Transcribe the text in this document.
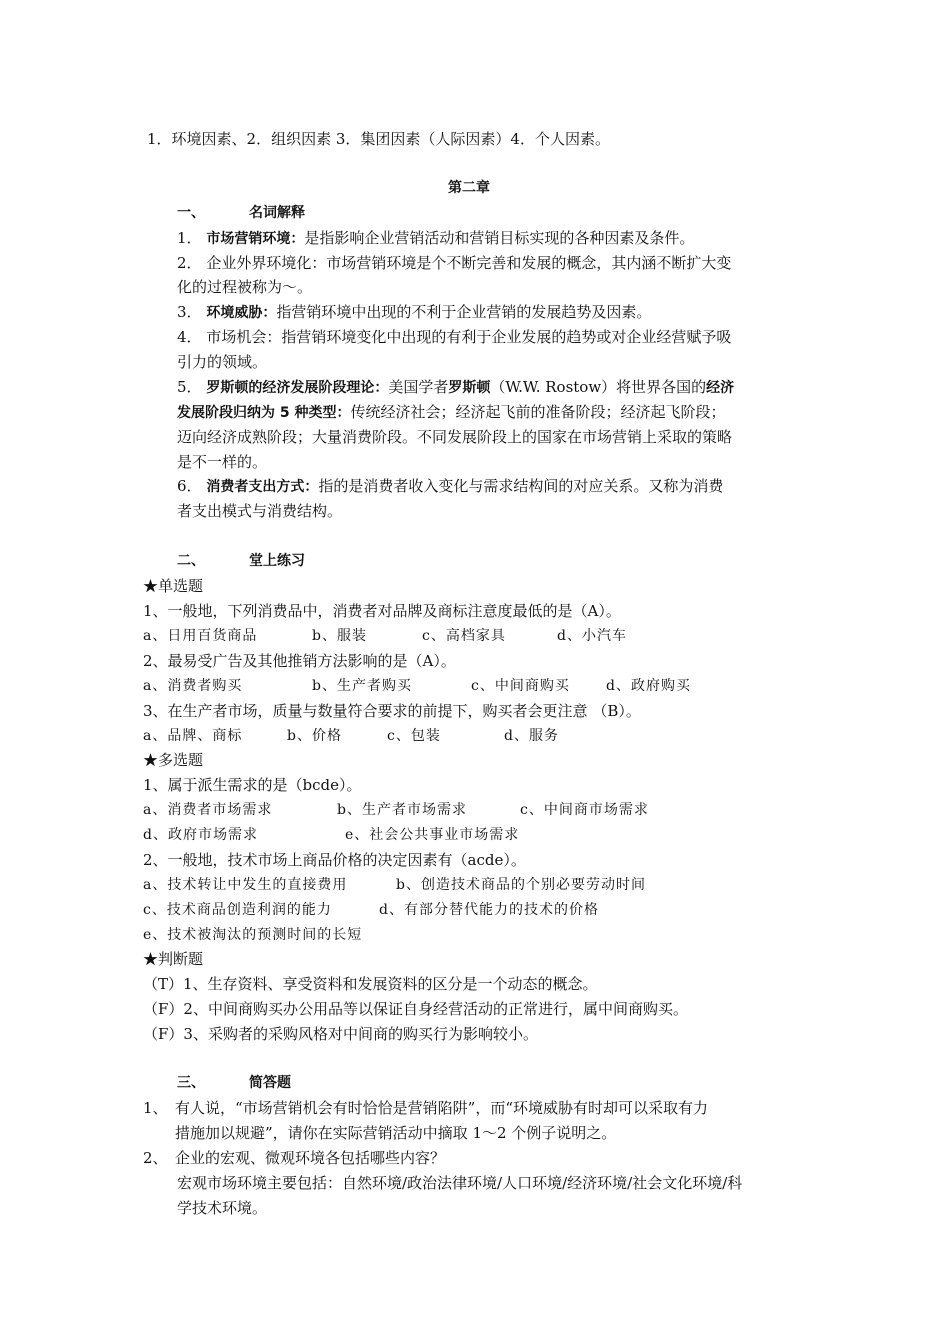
1．环境因素、2．组织因素 3．集团因素（人际因素）4．个人因素。
第二章
一、	名词解释
1． 市场营销环境：是指影响企业营销活动和营销目标实现的各种因素及条件。
2． 企业外界环境化：市场营销环境是个不断完善和发展的概念，其内涵不断扩大变
化的过程被称为～。
3． 环境威胁：指营销环境中出现的不利于企业营销的发展趋势及因素。
4． 市场机会：指营销环境变化中出现的有利于企业发展的趋势或对企业经营赋予吸
引力的领域。
5． 罗斯顿的经济发展阶段理论：美国学者罗斯顿（W.W. Rostow）将世界各国的经济
发展阶段归纳为 5 种类型：传统经济社会；经济起飞前的准备阶段；经济起飞阶段；
迈向经济成熟阶段；大量消费阶段。不同发展阶段上的国家在市场营销上采取的策略
是不一样的。
6． 消费者支出方式：指的是消费者收入变化与需求结构间的对应关系。又称为消费
者支出模式与消费结构。
二、	堂上练习
★单选题
1、一般地，下列消费品中，消费者对品牌及商标注意度最低的是（A）。
a、日用百货商品	b、服装	c、高档家具	d、小汽车
2、最易受广告及其他推销方法影响的是（A）。
a、消费者购买	b、生产者购买	c、中间商购买	d、政府购买
3、在生产者市场，质量与数量符合要求的前提下，购买者会更注意 （B）。
a、品牌、商标	b、价格	c、包装	d、服务
★多选题
1、属于派生需求的是（bcde）。
a、消费者市场需求	b、生产者市场需求	c、中间商市场需求
d、政府市场需求	e、社会公共事业市场需求
2、一般地，技术市场上商品价格的决定因素有（acde）。
a、技术转让中发生的直接费用	b、创造技术商品的个别必要劳动时间
c、技术商品创造利润的能力	d、有部分替代能力的技术的价格
e、技术被淘汰的预测时间的长短
★判断题
（T）1、生存资料、享受资料和发展资料的区分是一个动态的概念。
（F）2、中间商购买办公用品等以保证自身经营活动的正常进行，属中间商购买。
（F）3、采购者的采购风格对中间商的购买行为影响较小。
三、	简答题
1、 有人说，“市场营销机会有时恰恰是营销陷阱”，而“环境威胁有时却可以采取有力
措施加以规避”，请你在实际营销活动中摘取 1～2 个例子说明之。
2、 企业的宏观、微观环境各包括哪些内容？
宏观市场环境主要包括：自然环境/政治法律环境/人口环境/经济环境/社会文化环境/科
学技术环境。
